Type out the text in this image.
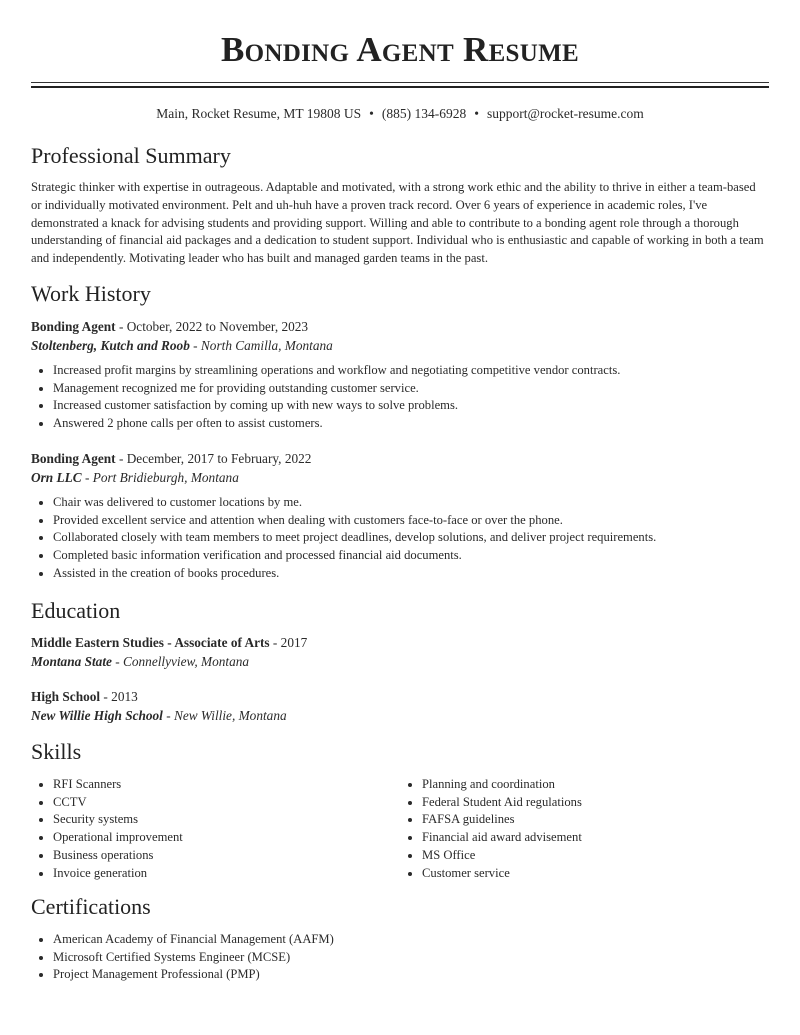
Bonding Agent Resume
Main, Rocket Resume, MT 19808 US • (885) 134-6928 • support@rocket-resume.com
Professional Summary

Strategic thinker with expertise in outrageous. Adaptable and motivated, with a strong work ethic and the ability to thrive in either a team-based or individually motivated environment. Pelt and uh-huh have a proven track record. Over 6 years of experience in academic roles, I've demonstrated a knack for advising students and providing support. Willing and able to contribute to a bonding agent role through a thorough understanding of financial aid packages and a dedication to student support. Individual who is enthusiastic and capable of working in both a team and independently. Motivating leader who has built and managed garden teams in the past.

Work History

Bonding Agent - October, 2022 to November, 2023

Stoltenberg, Kutch and Roob - North Camilla, Montana

• Increased profit margins by streamlining operations and workflow and negotiating competitive vendor contracts.
• Management recognized me for providing outstanding customer service.
• Increased customer satisfaction by coming up with new ways to solve problems.
• Answered 2 phone calls per often to assist customers.

Bonding Agent - December, 2017 to February, 2022

Orn LLC - Port Bridieburgh, Montana

• Chair was delivered to customer locations by me.
• Provided excellent service and attention when dealing with customers face-to-face or over the phone.
• Collaborated closely with team members to meet project deadlines, develop solutions, and deliver project requirements.
• Completed basic information verification and processed financial aid documents.
• Assisted in the creation of books procedures.
Education

Middle Eastern Studies - Associate of Arts - 2017

Montana State - Connellyview, Montana

High School - 2013

New Willie High School - New Willie, Montana

Skills
• RFI Scanners
• CCTV
• Security systems
• Operational improvement
• Business operations
• Invoice generation
• Planning and coordination
• Federal Student Aid regulations
• FAFSA guidelines
• Financial aid award advisement
• MS Office
• Customer service
Certifications
• American Academy of Financial Management (AAFM)
• Microsoft Certified Systems Engineer (MCSE)
• Project Management Professional (PMP)
